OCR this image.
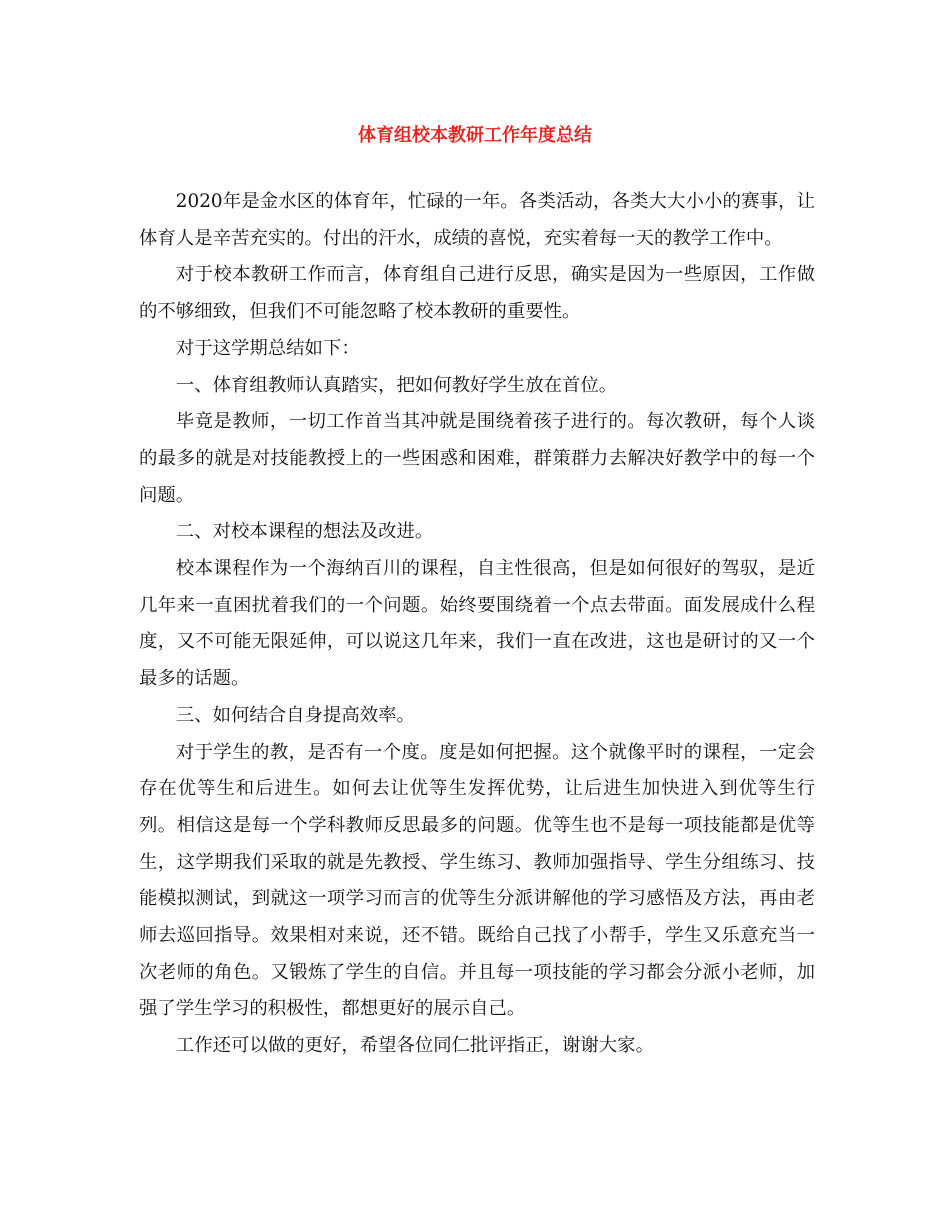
体育组校本教研工作年度总结

2020年是金水区的体育年，忙碌的一年。各类活动，各类大大小小的赛事，让体育人是辛苦充实的。付出的汗水，成绩的喜悦，充实着每一天的教学工作中。

对于校本教研工作而言，体育组自己进行反思，确实是因为一些原因，工作做的不够细致，但我们不可能忽略了校本教研的重要性。

对于这学期总结如下：

一、体育组教师认真踏实，把如何教好学生放在首位。

毕竟是教师，一切工作首当其冲就是围绕着孩子进行的。每次教研，每个人谈的最多的就是对技能教授上的一些困惑和困难，群策群力去解决好教学中的每一个问题。

二、对校本课程的想法及改进。

校本课程作为一个海纳百川的课程，自主性很高，但是如何很好的驾驭，是近几年来一直困扰着我们的一个问题。始终要围绕着一个点去带面。面发展成什么程度，又不可能无限延伸，可以说这几年来，我们一直在改进，这也是研讨的又一个最多的话题。

三、如何结合自身提高效率。

对于学生的教，是否有一个度。度是如何把握。这个就像平时的课程，一定会存在优等生和后进生。如何去让优等生发挥优势，让后进生加快进入到优等生行列。相信这是每一个学科教师反思最多的问题。优等生也不是每一项技能都是优等生，这学期我们采取的就是先教授、学生练习、教师加强指导、学生分组练习、技能模拟测试，到就这一项学习而言的优等生分派讲解他的学习感悟及方法，再由老师去巡回指导。效果相对来说，还不错。既给自己找了小帮手，学生又乐意充当一次老师的角色。又锻炼了学生的自信。并且每一项技能的学习都会分派小老师，加强了学生学习的积极性，都想更好的展示自己。

工作还可以做的更好，希望各位同仁批评指正，谢谢大家。
